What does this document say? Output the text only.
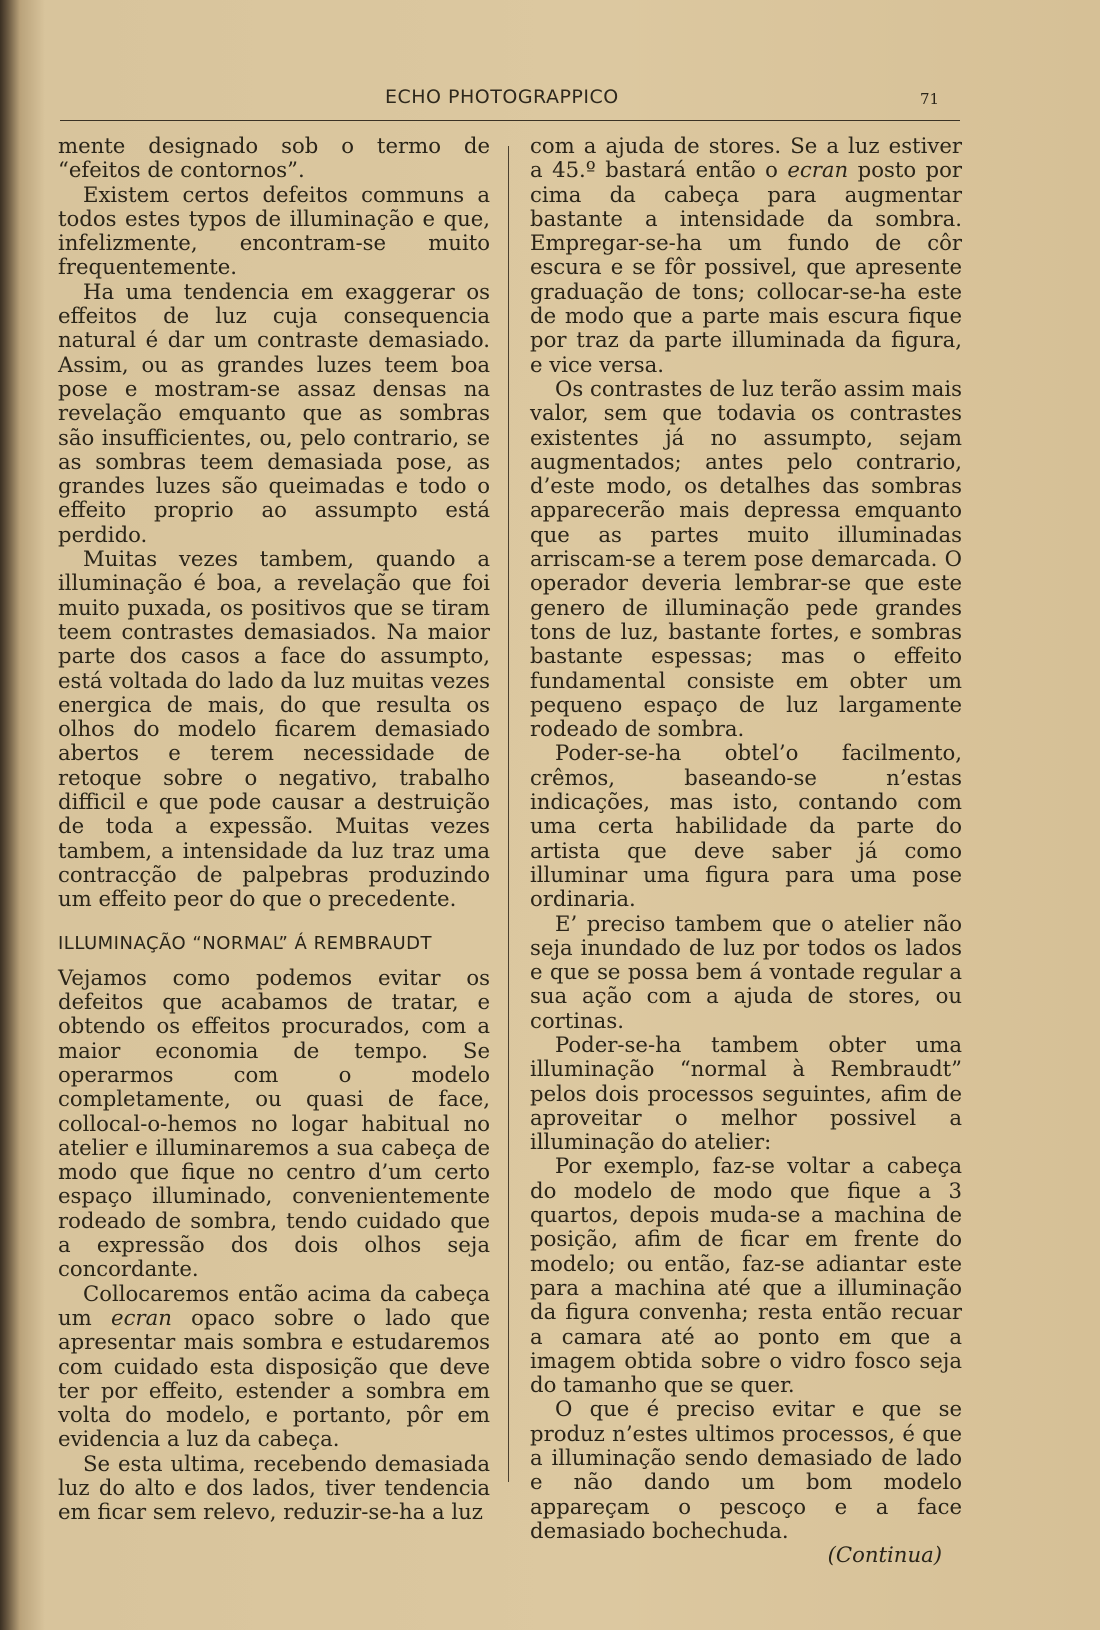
ECHO PHOTOGRAPPICO	71

mente designado sob o termo de “efeitos de contornos”.

Existem certos defeitos communs a todos estes typos de illuminação e que, infelizmente, encontram-se muito frequentemente.

Ha uma tendencia em exaggerar os effeitos de luz cuja consequencia natural é dar um contraste demasiado. Assim, ou as grandes luzes teem boa pose e mostram-se assaz densas na revelação emquanto que as sombras são insufficientes, ou, pelo contrario, se as sombras teem demasiada pose, as grandes luzes são queimadas e todo o effeito proprio ao assumpto está perdido.

Muitas vezes tambem, quando a illuminação é boa, a revelação que foi muito puxada, os positivos que se tiram teem contrastes demasiados. Na maior parte dos casos a face do assumpto, está voltada do lado da luz muitas vezes energica de mais, do que resulta os olhos do modelo ficarem demasiado abertos e terem necessidade de retoque sobre o negativo, trabalho difficil e que pode causar a destruição de toda a expessão. Muitas vezes tambem, a intensidade da luz traz uma contracção de palpebras produzindo um effeito peor do que o precedente.

ILLUMINAÇÃO “NORMAL” Á REMBRAUDT

Vejamos como podemos evitar os defeitos que acabamos de tratar, e obtendo os effeitos procurados, com a maior economia de tempo. Se operarmos com o modelo completamente, ou quasi de face, collocal-o-hemos no logar habitual no atelier e illuminaremos a sua cabeça de modo que fique no centro d’um certo espaço illuminado, convenientemente rodeado de sombra, tendo cuidado que a expressão dos dois olhos seja concordante.

Collocaremos então acima da cabeça um ecran opaco sobre o lado que apresentar mais sombra e estudaremos com cuidado esta disposição que deve ter por effeito, estender a sombra em volta do modelo, e portanto, pôr em evidencia a luz da cabeça.

Se esta ultima, recebendo demasiada luz do alto e dos lados, tiver tendencia em ficar sem relevo, reduzir-se-ha a luz

com a ajuda de stores. Se a luz estiver a 45.º bastará então o ecran posto por cima da cabeça para augmentar bastante a intensidade da sombra. Empregar-se-ha um fundo de côr escura e se fôr possivel, que apresente graduação de tons; collocar-se-ha este de modo que a parte mais escura fique por traz da parte illuminada da figura, e vice versa.

Os contrastes de luz terão assim mais valor, sem que todavia os contrastes existentes já no assumpto, sejam augmentados; antes pelo contrario, d’este modo, os detalhes das sombras apparecerão mais depressa emquanto que as partes muito illuminadas arriscam-se a terem pose demarcada. O operador deveria lembrar-se que este genero de illuminação pede grandes tons de luz, bastante fortes, e sombras bastante espessas; mas o effeito fundamental consiste em obter um pequeno espaço de luz largamente rodeado de sombra.

Poder-se-ha obtel’o facilmento, crêmos, baseando-se n’estas indicações, mas isto, contando com uma certa habilidade da parte do artista que deve saber já como illuminar uma figura para uma pose ordinaria.

E’ preciso tambem que o atelier não seja inundado de luz por todos os lados e que se possa bem á vontade regular a sua ação com a ajuda de stores, ou cortinas.

Poder-se-ha tambem obter uma illuminação “normal à Rembraudt” pelos dois processos seguintes, afim de aproveitar o melhor possivel a illuminação do atelier:

Por exemplo, faz-se voltar a cabeça do modelo de modo que fique a 3 quartos, depois muda-se a machina de posição, afim de ficar em frente do modelo; ou então, faz-se adiantar este para a machina até que a illuminação da figura convenha; resta então recuar a camara até ao ponto em que a imagem obtida sobre o vidro fosco seja do tamanho que se quer.

O que é preciso evitar e que se produz n’estes ultimos processos, é que a illuminação sendo demasiado de lado e não dando um bom modelo appareçam o pescoço e a face demasiado bochechuda.

(Continua)
